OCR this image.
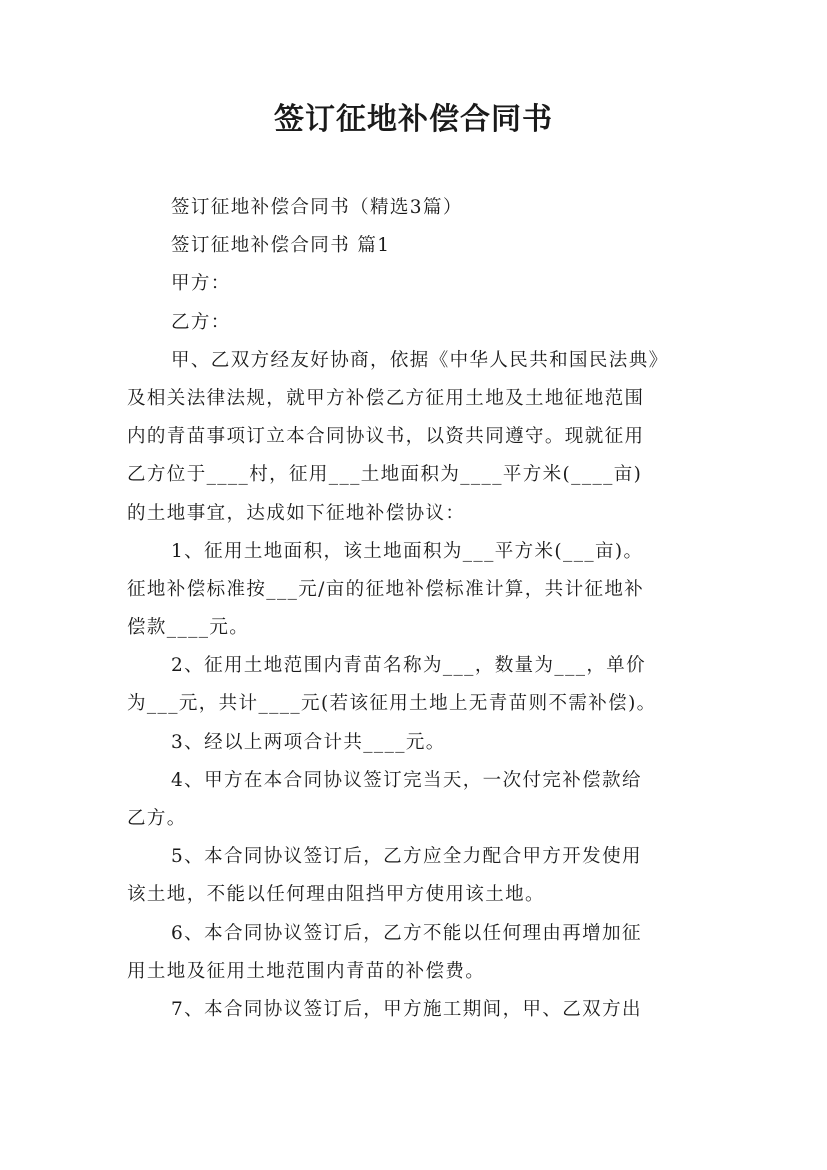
签订征地补偿合同书
签订征地补偿合同书（精选3篇）
签订征地补偿合同书 篇1
甲方：
乙方：
甲、乙双方经友好协商，依据《中华人民共和国民法典》
及相关法律法规，就甲方补偿乙方征用土地及土地征地范围
内的青苗事项订立本合同协议书，以资共同遵守。现就征用
乙方位于____村，征用___土地面积为____平方米(____亩)
的土地事宜，达成如下征地补偿协议：
1、征用土地面积，该土地面积为___平方米(___亩)。
征地补偿标准按___元/亩的征地补偿标准计算，共计征地补
偿款____元。
2、征用土地范围内青苗名称为___，数量为___，单价
为___元，共计____元(若该征用土地上无青苗则不需补偿)。
3、经以上两项合计共____元。
4、甲方在本合同协议签订完当天，一次付完补偿款给
乙方。
5、本合同协议签订后，乙方应全力配合甲方开发使用
该土地，不能以任何理由阻挡甲方使用该土地。
6、本合同协议签订后，乙方不能以任何理由再增加征
用土地及征用土地范围内青苗的补偿费。
7、本合同协议签订后，甲方施工期间，甲、乙双方出
